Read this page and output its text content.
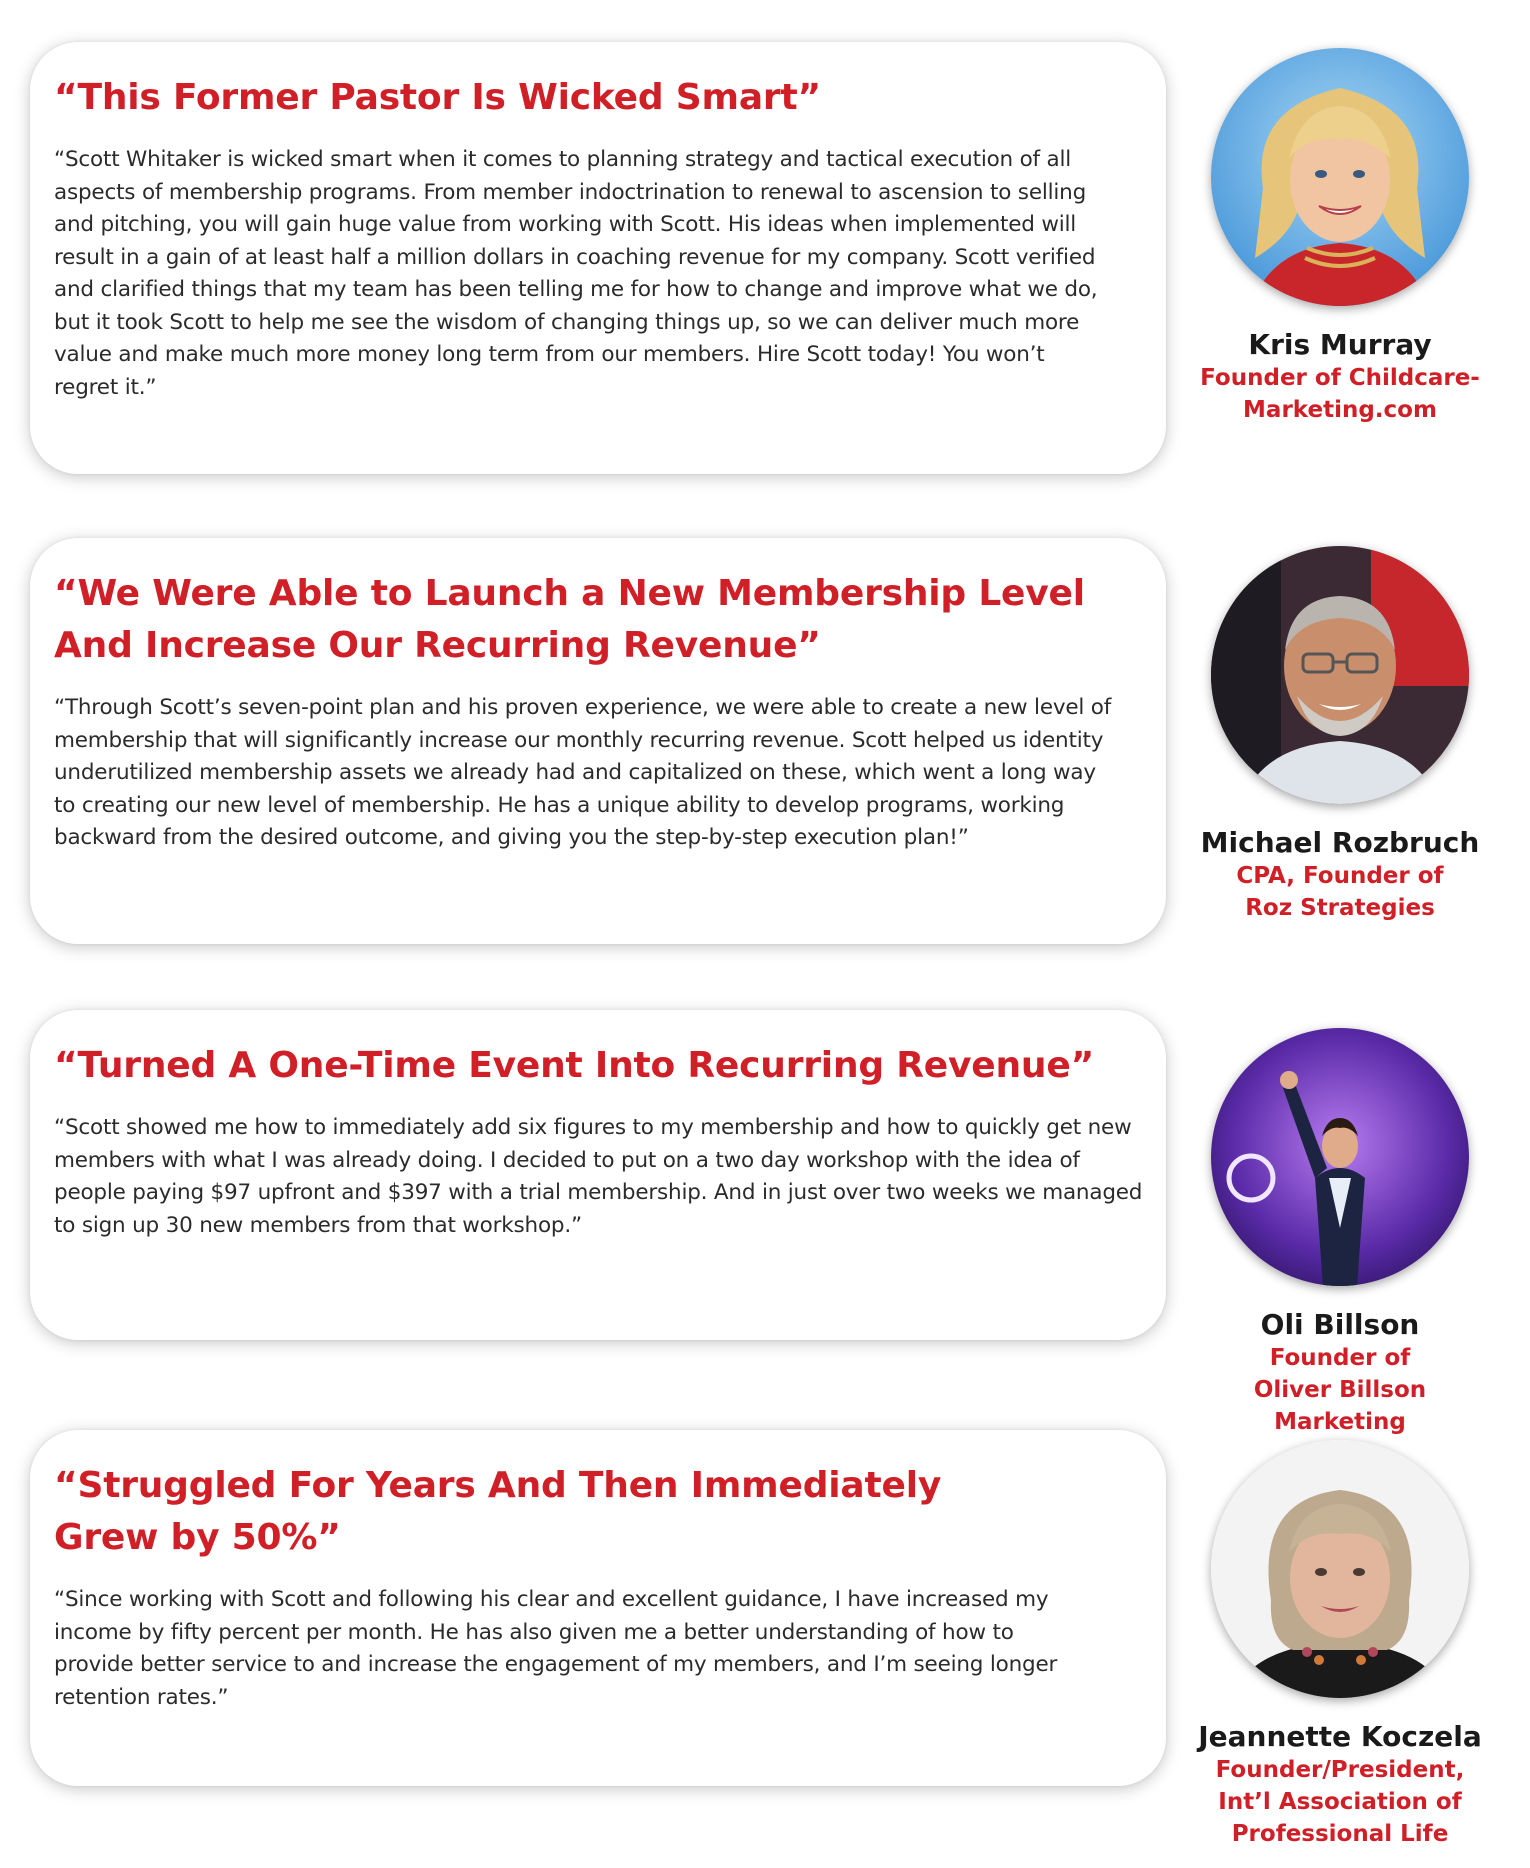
“This Former Pastor Is Wicked Smart”

“Scott Whitaker is wicked smart when it comes to planning strategy and tactical execution of all aspects of membership programs. From member indoctrination to renewal to ascension to selling and pitching, you will gain huge value from working with Scott. His ideas when implemented will result in a gain of at least half a million dollars in coaching revenue for my company. Scott verified and clarified things that my team has been telling me for how to change and improve what we do, but it took Scott to help me see the wisdom of changing things up, so we can deliver much more value and make much more money long term from our members. Hire Scott today! You won’t regret it.”

Kris Murray
Founder of Childcare-
Marketing.com
“We Were Able to Launch a New Membership Level And Increase Our Recurring Revenue”

“Through Scott’s seven-point plan and his proven experience, we were able to create a new level of membership that will significantly increase our monthly recurring revenue. Scott helped us identity underutilized membership assets we already had and capitalized on these, which went a long way to creating our new level of membership. He has a unique ability to develop programs, working backward from the desired outcome, and giving you the step-by-step execution plan!”	Michael Rozbruch
CPA, Founder of
Roz Strategies
“Turned A One-Time Event Into Recurring Revenue”

“Scott showed me how to immediately add six figures to my membership and how to quickly get new members with what I was already doing. I decided to put on a two day workshop with the idea of people paying $97 upfront and $397 with a trial membership. And in just over two weeks we managed to sign up 30 new members from that workshop.”

Oli Billson
Founder of
Oliver Billson Marketing
“Struggled For Years And Then Immediately Grew by 50%”

“Since working with Scott and following his clear and excellent guidance, I have increased my income by fifty percent per month. He has also given me a better understanding of how to provide better service to and increase the engagement of my members, and I’m seeing longer retention rates.”

Jeannette Koczela
Founder/President,
Int’l Association of
Professional Life
